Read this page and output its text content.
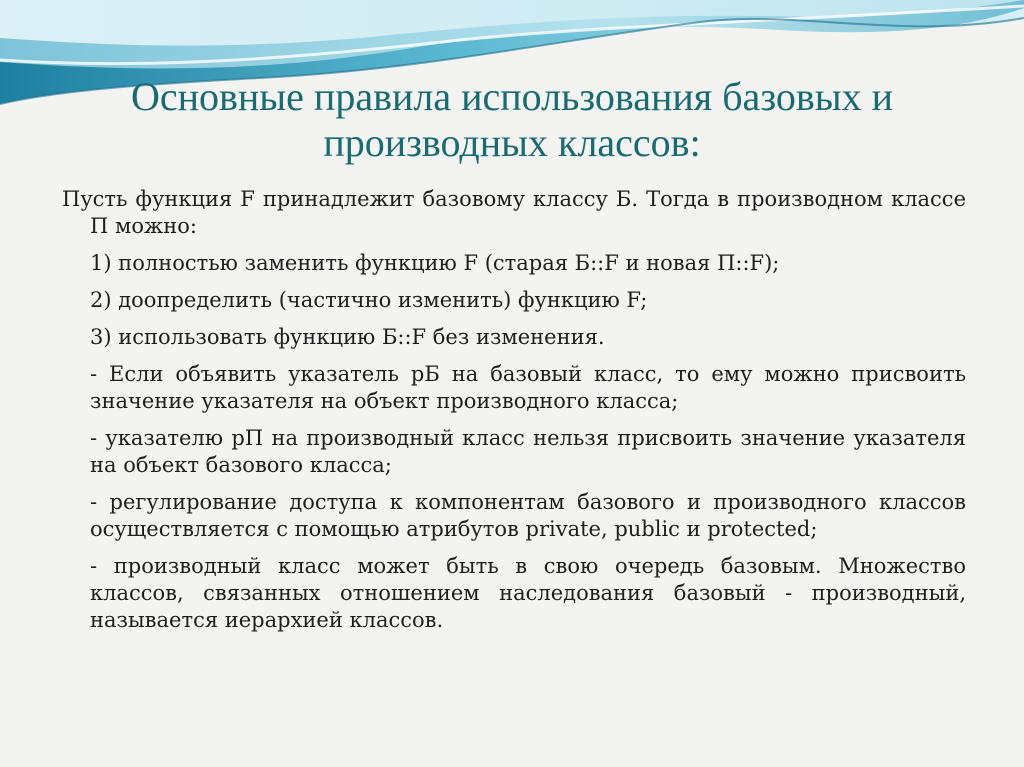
Основные правила использования базовых и производных классов:

Пусть функция F принадлежит базовому классу Б. Тогда в производном классе П можно:

1) полностью заменить функцию F (старая Б::F и новая П::F);

2) доопределить (частично изменить) функцию F;

3) использовать функцию Б::F без изменения.

- Если объявить указатель рБ на базовый класс, то ему можно присвоить значение указателя на объект производного класса;

- указателю рП на производный класс нельзя присвоить значение указателя на объект базового класса;

- регулирование доступа к компонентам базового и производного классов осуществляется с помощью атрибутов private, public и protected;

- производный класс может быть в свою очередь базовым. Множество классов, связанных отношением наследования базовый - производный, называется иерархией классов.
